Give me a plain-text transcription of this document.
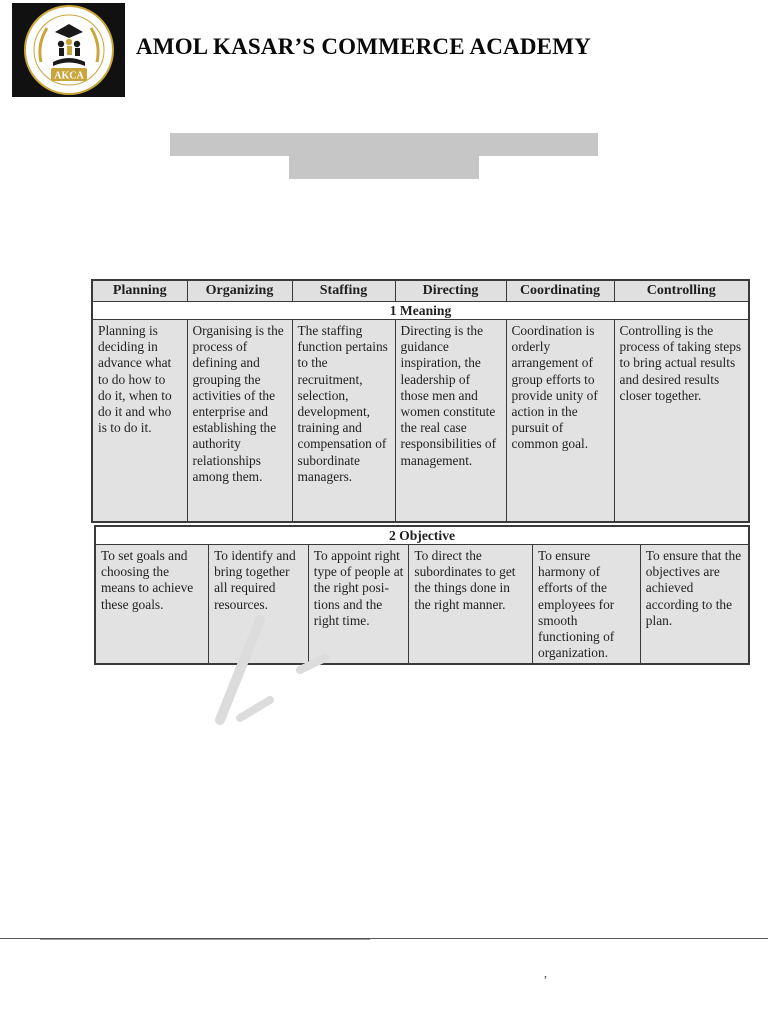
AKCA
AMOL KASAR’S COMMERCE ACADEMY
Planning	Organizing	Staffing	Directing	Coordinating	Controlling
1 Meaning					
Planning is deciding in advance what to do how to do it, when to do it and who is to do it.	Organising is the process of defining and grouping the activities of the enterprise and establishing the authority relationships among them.	The staffing function pertains to the recruitment, selection, development, training and compensation of subordinate managers.	Directing is the guidance inspiration, the leadership of those men and women constitute the real case responsibilities of management.	Coordination is orderly arrangement of group efforts to provide unity of action in the pursuit of common goal.	Controlling is the process of taking steps to bring actual results and desired results closer together.
2 Objective
To set goals and choosing the means to achieve these goals.	To identify and bring together all required resources.	To appoint right type of people at the right posi-tions and the right time.	To direct the subordinates to get the things done in the right manner.	To ensure harmony of efforts of the employees for smooth functioning of organization.	To ensure that the objectives are achieved according to the plan.
,
